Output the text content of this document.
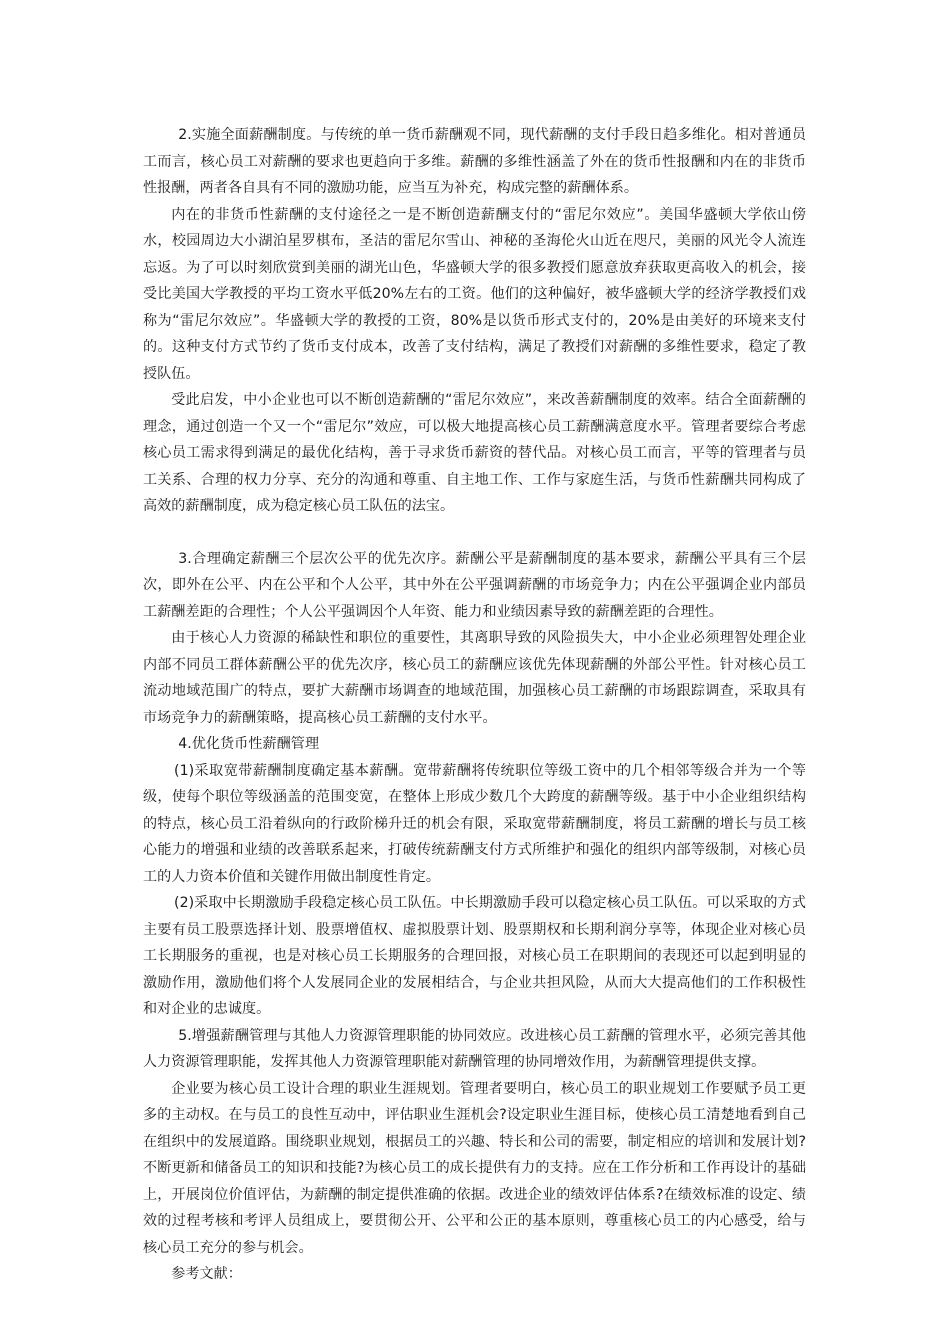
2.实施全面薪酬制度。与传统的单一货币薪酬观不同，现代薪酬的支付手段日趋多维化。相对普通员工而言，核心员工对薪酬的要求也更趋向于多维。薪酬的多维性涵盖了外在的货币性报酬和内在的非货币性报酬，两者各自具有不同的激励功能，应当互为补充，构成完整的薪酬体系。

内在的非货币性薪酬的支付途径之一是不断创造薪酬支付的“雷尼尔效应”。美国华盛顿大学依山傍水，校园周边大小湖泊星罗棋布，圣洁的雷尼尔雪山、神秘的圣海伦火山近在咫尺，美丽的风光令人流连忘返。为了可以时刻欣赏到美丽的湖光山色，华盛顿大学的很多教授们愿意放弃获取更高收入的机会，接受比美国大学教授的平均工资水平低20%左右的工资。他们的这种偏好，被华盛顿大学的经济学教授们戏称为“雷尼尔效应”。华盛顿大学的教授的工资，80%是以货币形式支付的，20%是由美好的环境来支付的。这种支付方式节约了货币支付成本，改善了支付结构，满足了教授们对薪酬的多维性要求，稳定了教授队伍。

受此启发，中小企业也可以不断创造薪酬的“雷尼尔效应”，来改善薪酬制度的效率。结合全面薪酬的理念，通过创造一个又一个“雷尼尔”效应，可以极大地提高核心员工薪酬满意度水平。管理者要综合考虑核心员工需求得到满足的最优化结构，善于寻求货币薪资的替代品。对核心员工而言，平等的管理者与员工关系、合理的权力分享、充分的沟通和尊重、自主地工作、工作与家庭生活，与货币性薪酬共同构成了高效的薪酬制度，成为稳定核心员工队伍的法宝。

3.合理确定薪酬三个层次公平的优先次序。薪酬公平是薪酬制度的基本要求，薪酬公平具有三个层次，即外在公平、内在公平和个人公平，其中外在公平强调薪酬的市场竞争力；内在公平强调企业内部员工薪酬差距的合理性；个人公平强调因个人年资、能力和业绩因素导致的薪酬差距的合理性。

由于核心人力资源的稀缺性和职位的重要性，其离职导致的风险损失大，中小企业必须理智处理企业内部不同员工群体薪酬公平的优先次序，核心员工的薪酬应该优先体现薪酬的外部公平性。针对核心员工流动地域范围广的特点，要扩大薪酬市场调查的地域范围，加强核心员工薪酬的市场跟踪调查，采取具有市场竞争力的薪酬策略，提高核心员工薪酬的支付水平。

4.优化货币性薪酬管理

(1)采取宽带薪酬制度确定基本薪酬。宽带薪酬将传统职位等级工资中的几个相邻等级合并为一个等级，使每个职位等级涵盖的范围变宽，在整体上形成少数几个大跨度的薪酬等级。基于中小企业组织结构的特点，核心员工沿着纵向的行政阶梯升迁的机会有限，采取宽带薪酬制度，将员工薪酬的增长与员工核心能力的增强和业绩的改善联系起来，打破传统薪酬支付方式所维护和强化的组织内部等级制，对核心员工的人力资本价值和关键作用做出制度性肯定。

(2)采取中长期激励手段稳定核心员工队伍。中长期激励手段可以稳定核心员工队伍。可以采取的方式主要有员工股票选择计划、股票增值权、虚拟股票计划、股票期权和长期利润分享等，体现企业对核心员工长期服务的重视，也是对核心员工长期服务的合理回报，对核心员工在职期间的表现还可以起到明显的激励作用，激励他们将个人发展同企业的发展相结合，与企业共担风险，从而大大提高他们的工作积极性和对企业的忠诚度。

5.增强薪酬管理与其他人力资源管理职能的协同效应。改进核心员工薪酬的管理水平，必须完善其他人力资源管理职能，发挥其他人力资源管理职能对薪酬管理的协同增效作用，为薪酬管理提供支撑。

企业要为核心员工设计合理的职业生涯规划。管理者要明白，核心员工的职业规划工作要赋予员工更多的主动权。在与员工的良性互动中，评估职业生涯机会?设定职业生涯目标，使核心员工清楚地看到自己在组织中的发展道路。围绕职业规划，根据员工的兴趣、特长和公司的需要，制定相应的培训和发展计划?不断更新和储备员工的知识和技能?为核心员工的成长提供有力的支持。应在工作分析和工作再设计的基础上，开展岗位价值评估，为薪酬的制定提供准确的依据。改进企业的绩效评估体系?在绩效标准的设定、绩效的过程考核和考评人员组成上，要贯彻公开、公平和公正的基本原则，尊重核心员工的内心感受，给与核心员工充分的参与机会。

参考文献：
